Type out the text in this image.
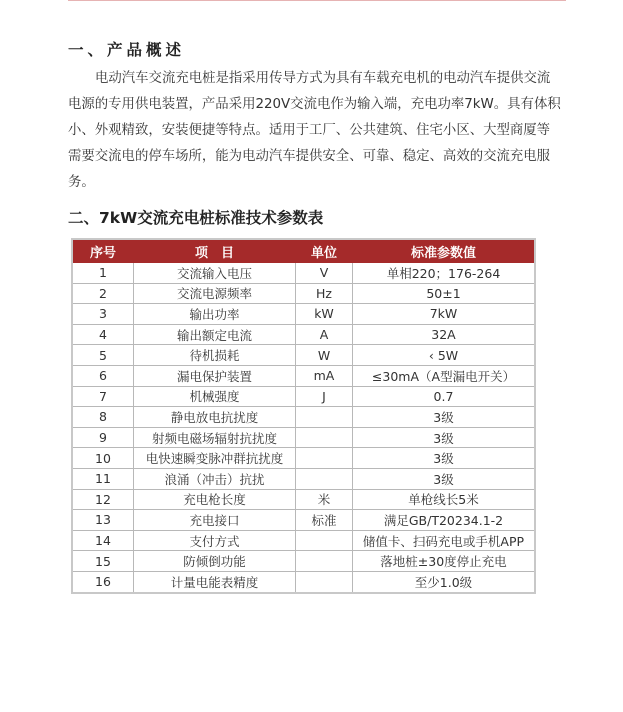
一、产品概述
电动汽车交流充电桩是指采用传导方式为具有车载充电机的电动汽车提供交流
电源的专用供电装置，产品采用220V交流电作为输入端，充电功率7kW。具有体积
小、外观精致，安装便捷等特点。适用于工厂、公共建筑、住宅小区、大型商厦等
需要交流电的停车场所，能为电动汽车提供安全、可靠、稳定、高效的交流充电服
务。
二、7kW交流充电桩标准技术参数表
序号	项　目	单位	标准参数值
1	交流输入电压	V	单相220；176-264
2	交流电源频率	Hz	50±1
3	输出功率	kW	7kW
4	输出额定电流	A	32A
5	待机损耗	W	‹ 5W
6	漏电保护装置	mA	≤30mA（A型漏电开关）
7	机械强度	J	0.7
8	静电放电抗扰度		3级
9	射频电磁场辐射抗扰度		3级
10	电快速瞬变脉冲群抗扰度		3级
11	浪涌（冲击）抗扰		3级
12	充电枪长度	米	单枪线长5米
13	充电接口	标准	满足GB/T20234.1-2
14	支付方式		储值卡、扫码充电或手机APP
15	防倾倒功能		落地桩±30度停止充电
16	计量电能表精度		至少1.0级
